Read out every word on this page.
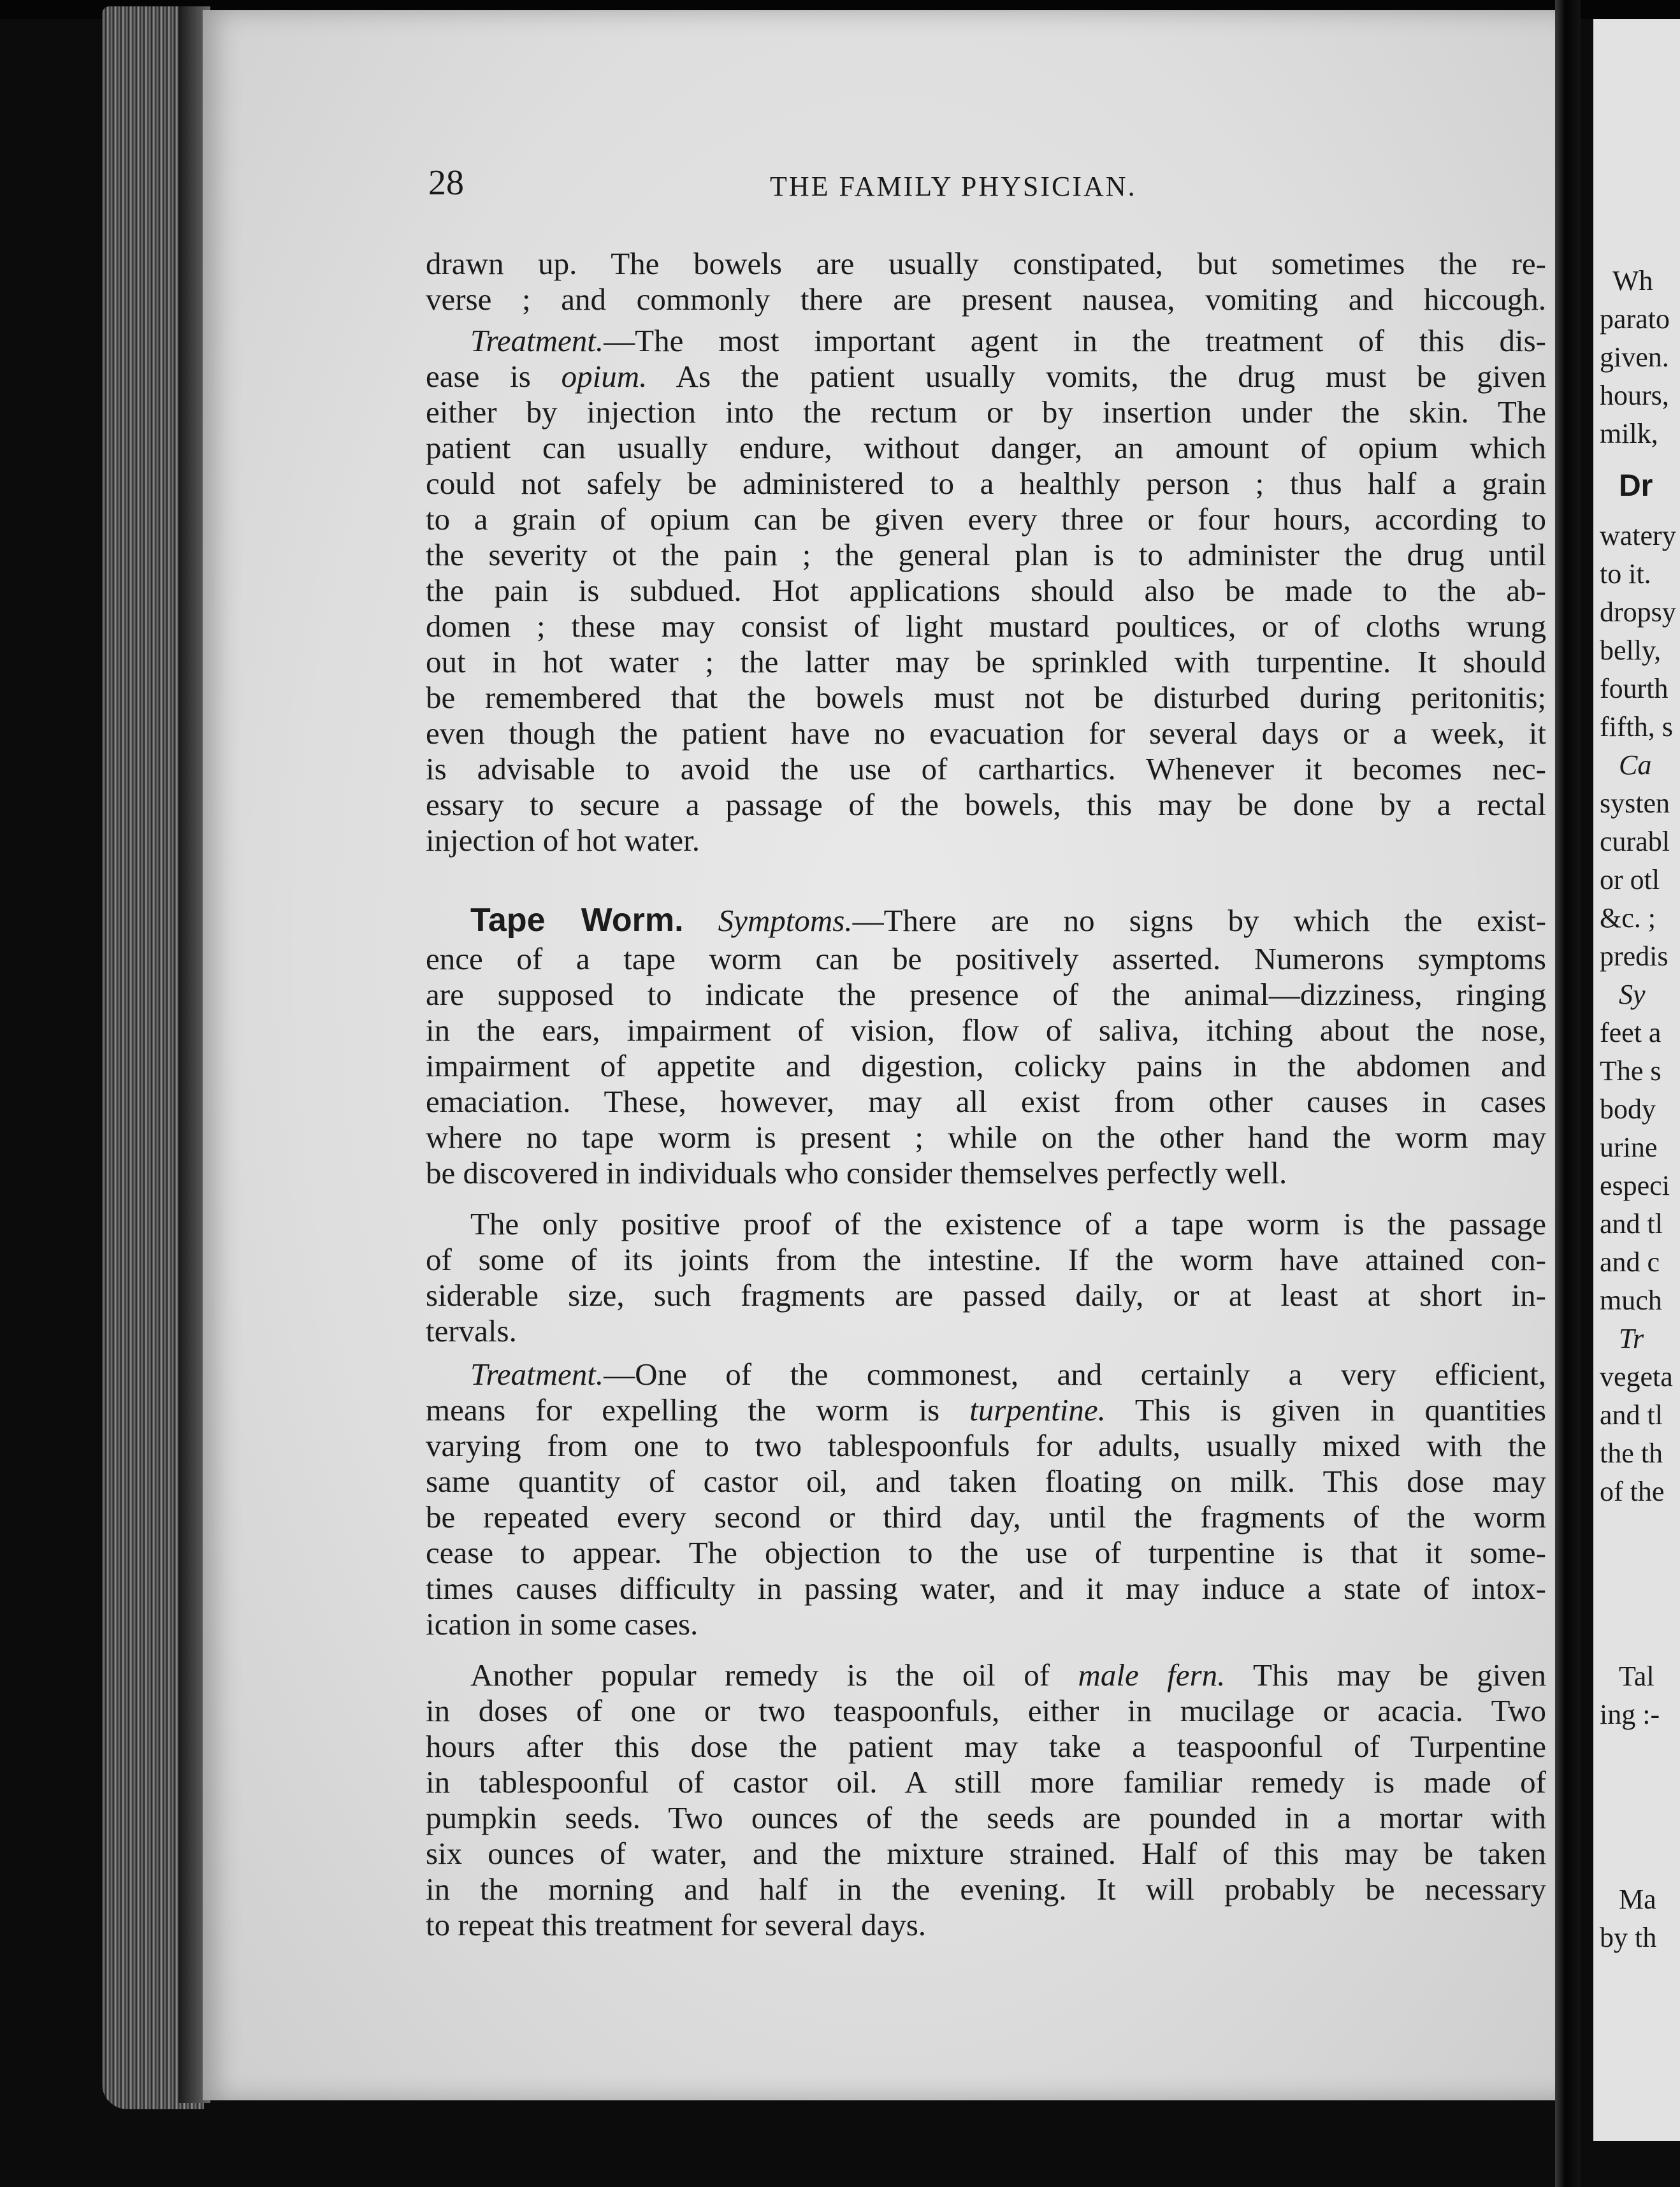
28	THE FAMILY PHYSICIAN.
drawn up. The bowels are usually constipated, but sometimes the re-
verse ; and commonly there are present nausea, vomiting and hiccough.
Treatment.—The most important agent in the treatment of this dis-
ease is opium. As the patient usually vomits, the drug must be given
either by injection into the rectum or by insertion under the skin. The
patient can usually endure, without danger, an amount of opium which
could not safely be administered to a healthly person ; thus half a grain
to a grain of opium can be given every three or four hours, according to
the severity ot the pain ; the general plan is to administer the drug until
the pain is subdued. Hot applications should also be made to the ab-
domen ; these may consist of light mustard poultices, or of cloths wrung
out in hot water ; the latter may be sprinkled with turpentine. It should
be remembered that the bowels must not be disturbed during peritonitis;
even though the patient have no evacuation for several days or a week, it
is advisable to avoid the use of carthartics. Whenever it becomes nec-
essary to secure a passage of the bowels, this may be done by a rectal
injection of hot water.
Tape Worm. Symptoms.—There are no signs by which the exist-
ence of a tape worm can be positively asserted. Numerons symptoms
are supposed to indicate the presence of the animal—dizziness, ringing
in the ears, impairment of vision, flow of saliva, itching about the nose,
impairment of appetite and digestion, colicky pains in the abdomen and
emaciation. These, however, may all exist from other causes in cases
where no tape worm is present ; while on the other hand the worm may
be discovered in individuals who consider themselves perfectly well.
The only positive proof of the existence of a tape worm is the passage
of some of its joints from the intestine. If the worm have attained con-
siderable size, such fragments are passed daily, or at least at short in-
tervals.
Treatment.—One of the commonest, and certainly a very efficient,
means for expelling the worm is turpentine. This is given in quantities
varying from one to two tablespoonfuls for adults, usually mixed with the
same quantity of castor oil, and taken floating on milk. This dose may
be repeated every second or third day, until the fragments of the worm
cease to appear. The objection to the use of turpentine is that it some-
times causes difficulty in passing water, and it may induce a state of intox-
ication in some cases.
Another popular remedy is the oil of male fern. This may be given
in doses of one or two teaspoonfuls, either in mucilage or acacia. Two
hours after this dose the patient may take a teaspoonful of Turpentine
in tablespoonful of castor oil. A still more familiar remedy is made of
pumpkin seeds. Two ounces of the seeds are pounded in a mortar with
six ounces of water, and the mixture strained. Half of this may be taken
in the morning and half in the evening. It will probably be necessary
to repeat this treatment for several days.
Wh
parato
given.
hours,
milk,
Dr
watery
to it.
dropsy
belly,
fourth
fifth, s
Ca
systen
curabl
or otl
&c. ;
predis
Sy
feet a
The s
body
urine
especi
and tl
and c
much
Tr
vegeta
and tl
the th
of the
Tal
ing :-
Ma
by th
